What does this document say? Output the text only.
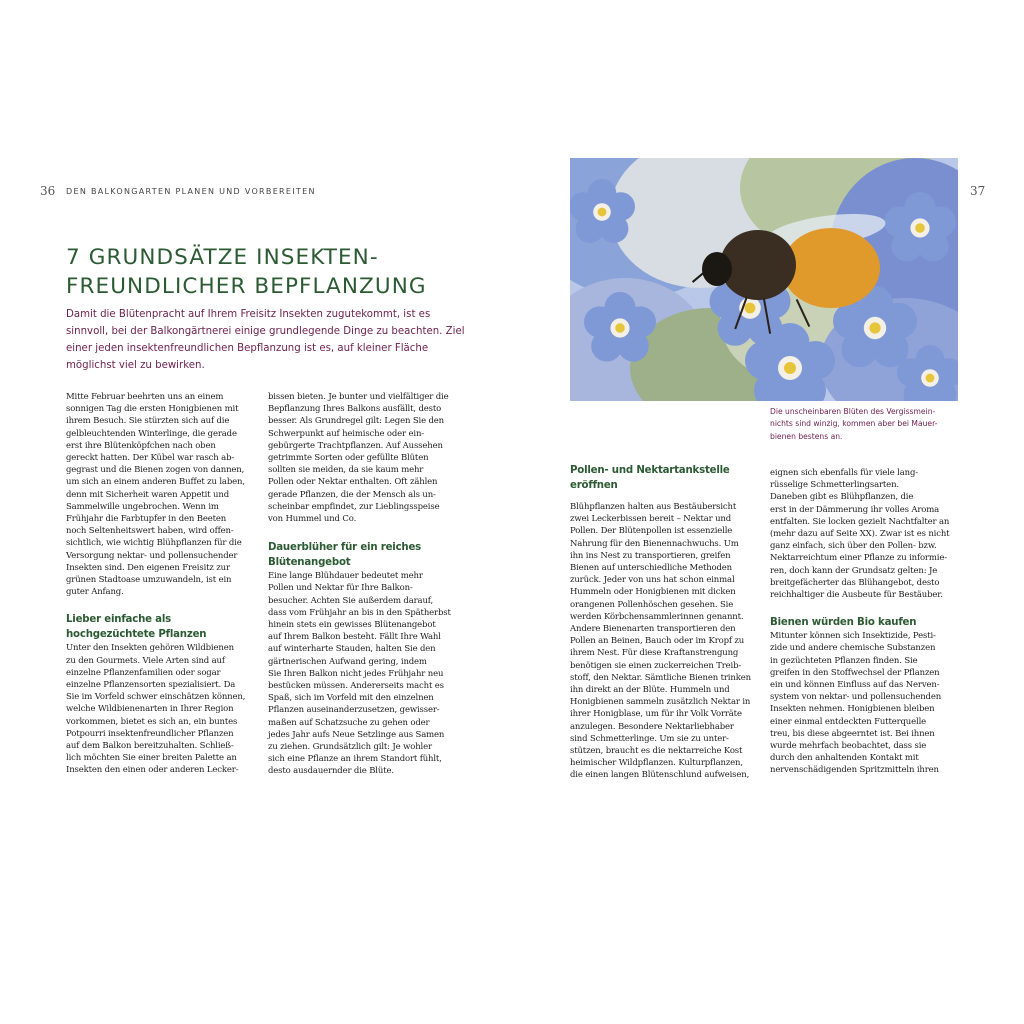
36 DEN BALKONGARTEN PLANEN UND VORBEREITEN
7 GRUNDSÄTZE INSEKTEN-
FREUNDLICHER BEPFLANZUNG

Damit die Blütenpracht auf Ihrem Freisitz Insekten zugutekommt, ist es sinnvoll, bei der Balkongärtnerei einige grundlegende Dinge zu beachten. Ziel einer jeden insektenfreundlichen Bepflanzung ist es, auf kleiner Fläche möglichst viel zu bewirken.

Mitte Februar beehrten uns an einem
sonnigen Tag die ersten Honigbienen mit
ihrem Besuch. Sie stürzten sich auf die
gelbleuchtenden Winterlinge, die gerade
erst ihre Blütenköpfchen nach oben
gereckt hatten. Der Kübel war rasch ab-
gegrast und die Bienen zogen von dannen,
um sich an einem anderen Buffet zu laben,
denn mit Sicherheit waren Appetit und
Sammelwille ungebrochen. Wenn im
Frühjahr die Farbtupfer in den Beeten
noch Seltenheitswert haben, wird offen-
sichtlich, wie wichtig Blühpflanzen für die
Versorgung nektar- und pollensuchender
Insekten sind. Den eigenen Freisitz zur
grünen Stadtoase umzuwandeln, ist ein
guter Anfang.

Lieber einfache als
hochgezüchtete Pflanzen

Unter den Insekten gehören Wildbienen
zu den Gourmets. Viele Arten sind auf
einzelne Pflanzenfamilien oder sogar
einzelne Pflanzensorten spezialisiert. Da
Sie im Vorfeld schwer einschätzen können,
welche Wildbienenarten in Ihrer Region
vorkommen, bietet es sich an, ein buntes
Potpourri insektenfreundlicher Pflanzen
auf dem Balkon bereitzuhalten. Schließ-
lich möchten Sie einer breiten Palette an
Insekten den einen oder anderen Lecker-

bissen bieten. Je bunter und vielfältiger die
Bepflanzung Ihres Balkons ausfällt, desto
besser. Als Grundregel gilt: Legen Sie den
Schwerpunkt auf heimische oder ein-
gebürgerte Trachtpflanzen. Auf Aussehen
getrimmte Sorten oder gefüllte Blüten
sollten sie meiden, da sie kaum mehr
Pollen oder Nektar enthalten. Oft zählen
gerade Pflanzen, die der Mensch als un-
scheinbar empfindet, zur Lieblingsspeise
von Hummel und Co.

Dauerblüher für ein reiches
Blütenangebot

Eine lange Blühdauer bedeutet mehr
Pollen und Nektar für Ihre Balkon-
besucher. Achten Sie außerdem darauf,
dass vom Frühjahr an bis in den Spätherbst
hinein stets ein gewisses Blütenangebot
auf Ihrem Balkon besteht. Fällt Ihre Wahl
auf winterharte Stauden, halten Sie den
gärtnerischen Aufwand gering, indem
Sie Ihren Balkon nicht jedes Frühjahr neu
bestücken müssen. Andererseits macht es
Spaß, sich im Vorfeld mit den einzelnen
Pflanzen auseinanderzusetzen, gewisser-
maßen auf Schatzsuche zu gehen oder
jedes Jahr aufs Neue Setzlinge aus Samen
zu ziehen. Grundsätzlich gilt: Je wohler
sich eine Pflanze an ihrem Standort fühlt,
desto ausdauernder die Blüte.

37

Die unscheinbaren Blüten des Vergissmein-
nichts sind winzig, kommen aber bei Mauer-
bienen bestens an.

Pollen- und Nektartankstelle
eröffnen

Blühpflanzen halten aus Bestäubersicht
zwei Leckerbissen bereit – Nektar und
Pollen. Der Blütenpollen ist essenzielle
Nahrung für den Bienennachwuchs. Um
ihn ins Nest zu transportieren, greifen
Bienen auf unterschiedliche Methoden
zurück. Jeder von uns hat schon einmal
Hummeln oder Honigbienen mit dicken
orangenen Pollenhöschen gesehen. Sie
werden Körbchensammlerinnen genannt.
Andere Bienenarten transportieren den
Pollen an Beinen, Bauch oder im Kropf zu
ihrem Nest. Für diese Kraftanstrengung
benötigen sie einen zuckerreichen Treib-
stoff, den Nektar. Sämtliche Bienen trinken
ihn direkt an der Blüte. Hummeln und
Honigbienen sammeln zusätzlich Nektar in
ihrer Honigblase, um für ihr Volk Vorräte
anzulegen. Besondere Nektarliebhaber
sind Schmetterlinge. Um sie zu unter-
stützen, braucht es die nektarreiche Kost
heimischer Wildpflanzen. Kulturpflanzen,
die einen langen Blütenschlund aufweisen,

eignen sich ebenfalls für viele lang-
rüsselige Schmetterlingsarten.
Daneben gibt es Blühpflanzen, die
erst in der Dämmerung ihr volles Aroma
entfalten. Sie locken gezielt Nachtfalter an
(mehr dazu auf Seite XX). Zwar ist es nicht
ganz einfach, sich über den Pollen- bzw.
Nektarreichtum einer Pflanze zu informie-
ren, doch kann der Grundsatz gelten: Je
breitgefächerter das Blühangebot, desto
reichhaltiger die Ausbeute für Bestäuber.

Bienen würden Bio kaufen

Mitunter können sich Insektizide, Pesti-
zide und andere chemische Substanzen
in gezüchteten Pflanzen finden. Sie
greifen in den Stoffwechsel der Pflanzen
ein und können Einfluss auf das Nerven-
system von nektar- und pollensuchenden
Insekten nehmen. Honigbienen bleiben
einer einmal entdeckten Futterquelle
treu, bis diese abgeerntet ist. Bei ihnen
wurde mehrfach beobachtet, dass sie
durch den anhaltenden Kontakt mit
nervenschädigenden Spritzmitteln ihren
